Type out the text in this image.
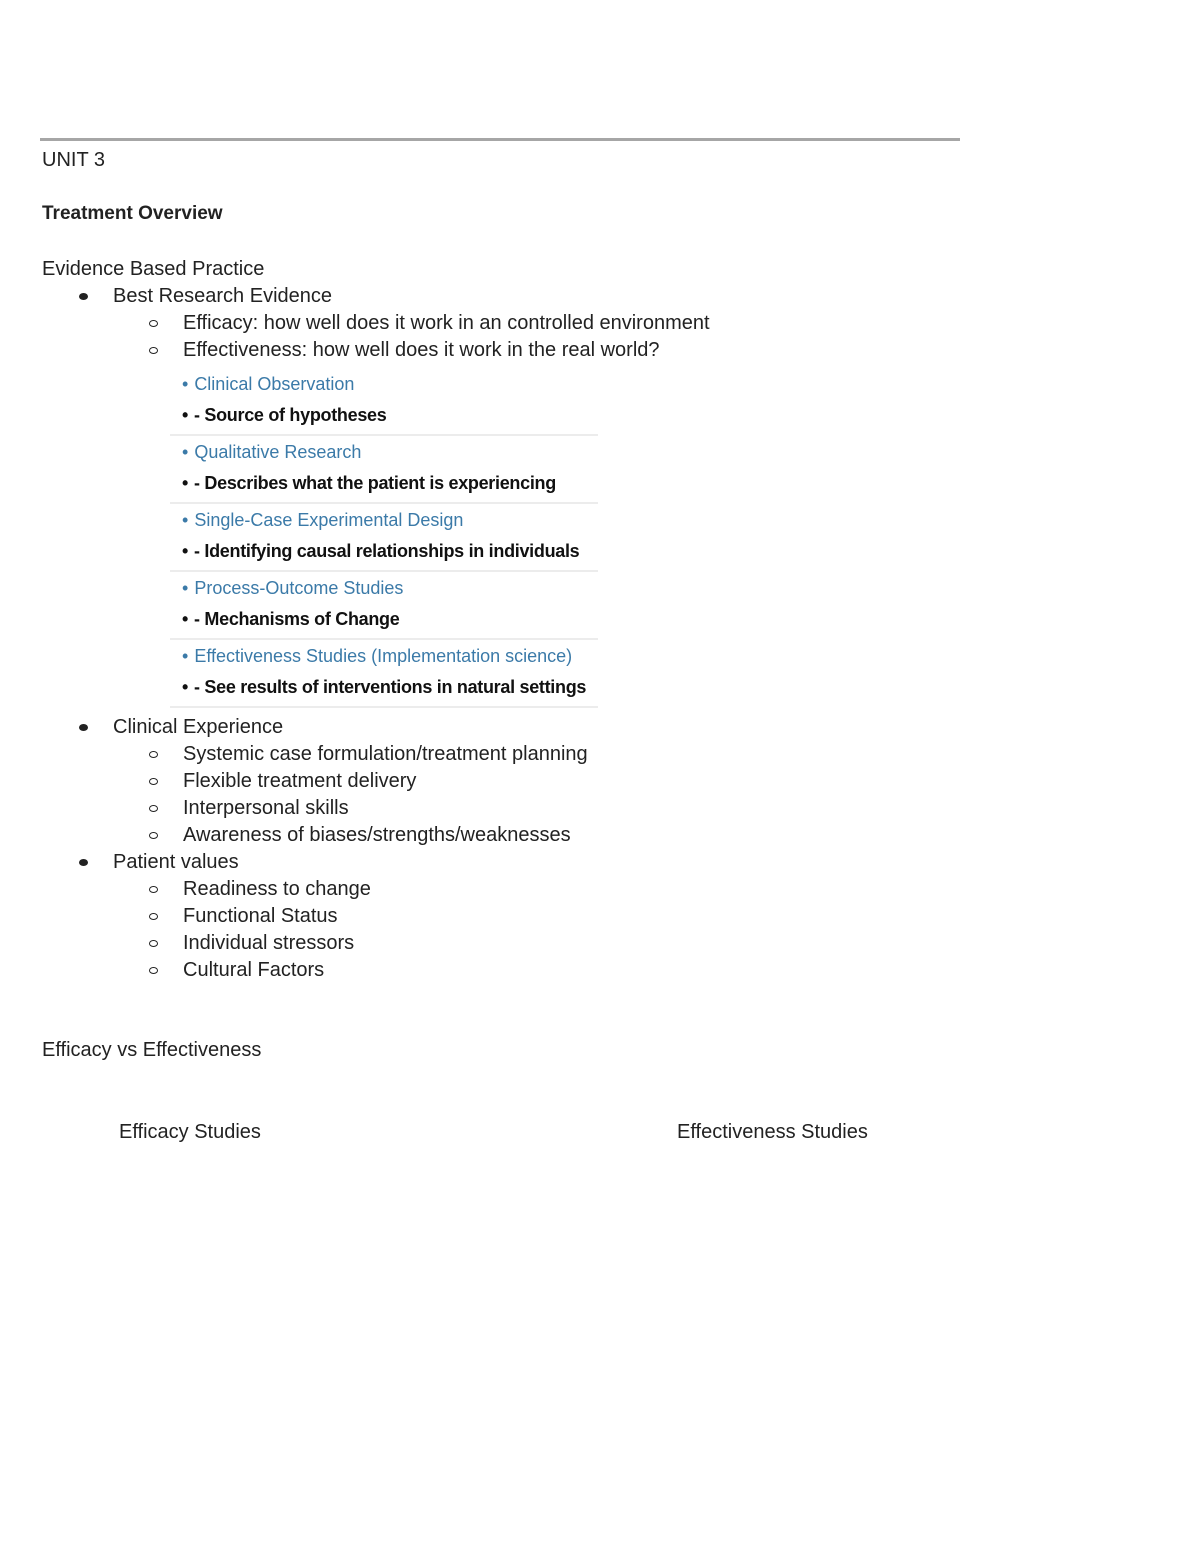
UNIT 3
Treatment Overview
Evidence Based Practice
Best Research Evidence
Efficacy: how well does it work in an controlled environment
Effectiveness: how well does it work in the real world?
• Clinical Observation
• - Source of hypotheses
• Qualitative Research
• - Describes what the patient is experiencing
• Single-Case Experimental Design
• - Identifying causal relationships in individuals
• Process-Outcome Studies
• - Mechanisms of Change
• Effectiveness Studies (Implementation science)
• - See results of interventions in natural settings
Clinical Experience
Systemic case formulation/treatment planning
Flexible treatment delivery
Interpersonal skills
Awareness of biases/strengths/weaknesses
Patient values
Readiness to change
Functional Status
Individual stressors
Cultural Factors
Efficacy vs Effectiveness
Efficacy Studies	Effectiveness Studies
